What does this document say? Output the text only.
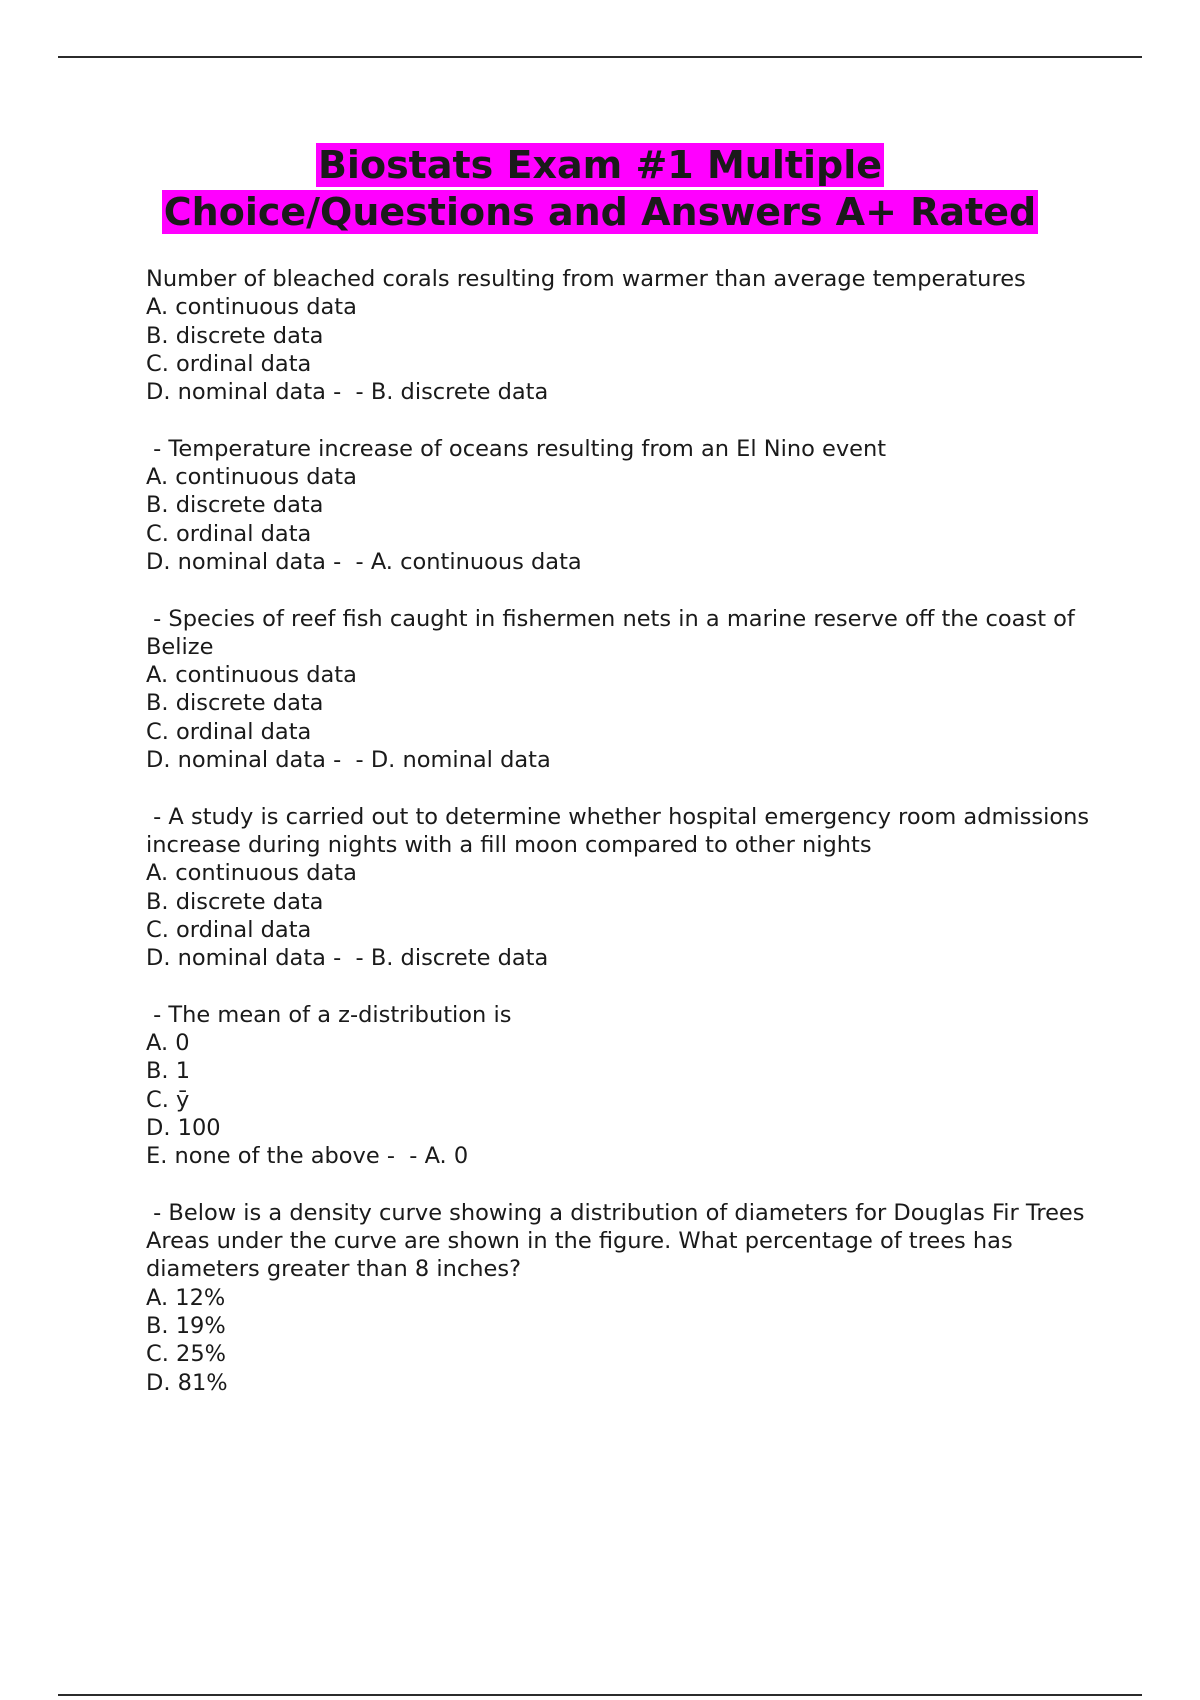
Biostats Exam #1 Multiple
Choice/Questions and Answers A+ Rated
Number of bleached corals resulting from warmer than average temperatures
A. continuous data
B. discrete data
C. ordinal data
D. nominal data -  - B. discrete data
- Temperature increase of oceans resulting from an El Nino event
A. continuous data
B. discrete data
C. ordinal data
D. nominal data -  - A. continuous data
- Species of reef fish caught in fishermen nets in a marine reserve off the coast of Belize
A. continuous data
B. discrete data
C. ordinal data
D. nominal data -  - D. nominal data
- A study is carried out to determine whether hospital emergency room admissions increase during nights with a fill moon compared to other nights
A. continuous data
B. discrete data
C. ordinal data
D. nominal data -  - B. discrete data
- The mean of a z-distribution is
A. 0
B. 1
C. ȳ
D. 100
E. none of the above -  - A. 0
- Below is a density curve showing a distribution of diameters for Douglas Fir Trees Areas under the curve are shown in the figure. What percentage of trees has diameters greater than 8 inches?
A. 12%
B. 19%
C. 25%
D. 81%
